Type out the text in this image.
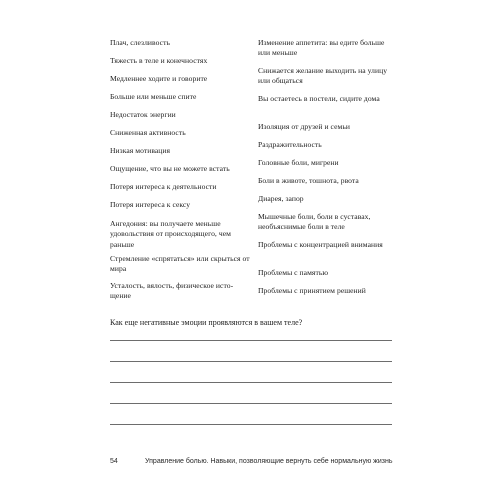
Плач, слезливость
Тяжесть в теле и конечностях
Медленнее ходите и говорите
Больше или меньше спите
Недостаток энергии
Сниженная активность
Низкая мотивация
Ощущение, что вы не можете встать
Потеря интереса к деятельности
Потеря интереса к сексу
Ангедония: вы получаете меньше удовольствия от происходящего, чем раньше
Стремление «спрятаться» или скрыться от мира
Усталость, вялость, физическое исто-щение
Изменение аппетита: вы едите больше или меньше
Снижается желание выходить на улицу или общаться
Вы остаетесь в постели, сидите дома
Изоляция от друзей и семьи
Раздражительность
Головные боли, мигрени
Боли в животе, тошнота, рвота
Диарея, запор
Мышечные боли, боли в суставах, необъяснимые боли в теле
Проблемы с концентрацией внимания
Проблемы с памятью
Проблемы с принятием решений
Как еще негативные эмоции проявляются в вашем теле?
54	Управление болью. Навыки, позволяющие вернуть себе нормальную жизнь
